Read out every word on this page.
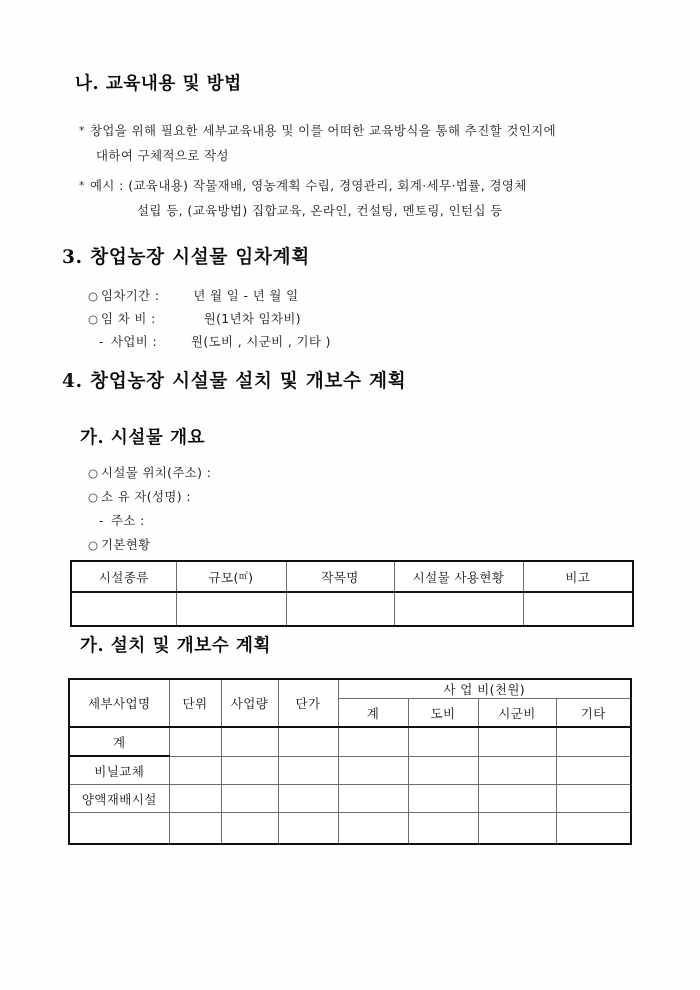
나. 교육내용 및 방법
* 창업을 위해 필요한 세부교육내용 및 이를 어떠한 교육방식을 통해 추진할 것인지에
대하여 구체적으로 작성
* 예시 : (교육내용) 작물재배, 영농계획 수립, 경영관리, 회계·세무·법률, 경영체
설립 등, (교육방법) 집합교육, 온라인, 컨설팅, 멘토링, 인턴십 등
3. 창업농장 시설물 임차계획
○ 임차기간 :	년 월 일 - 년 월 일
○ 임 차 비 :	원(1년차 임차비)
- 사업비 :	원(도비 , 시군비 , 기타 )
4. 창업농장 시설물 설치 및 개보수 계획
가. 시설물 개요
○ 시설물 위치(주소) :
○ 소 유 자(성명) :
- 주소 :
○ 기본현황
시설종류	규모(㎡)	작목명	시설물 사용현황	비고

가. 설치 및 개보수 계획
세부사업명	단위	사업량	단가	사 업 비(천원)			
				계	도비	시군비	기타
계							
비닐교체							
양액재배시설							
